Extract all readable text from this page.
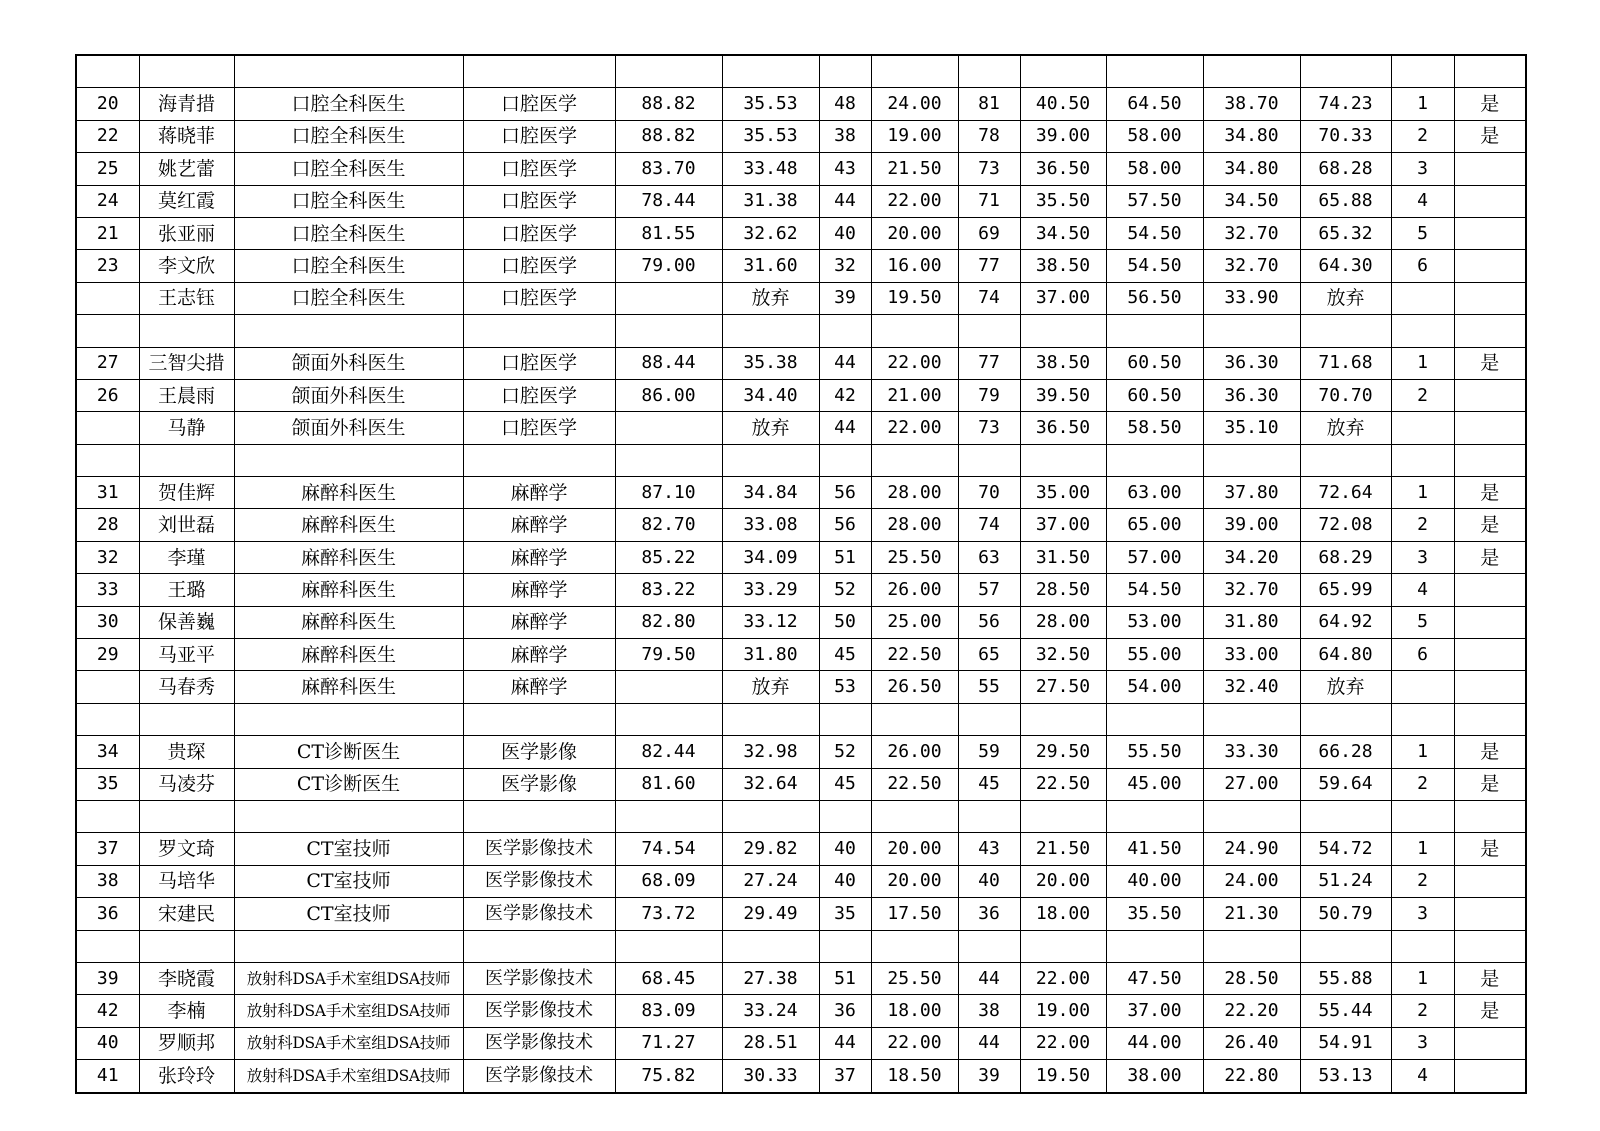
20	海青措	口腔全科医生	口腔医学	88.82	35.53	48	24.00	81	40.50	64.50	38.70	74.23	1	是
22	蒋晓菲	口腔全科医生	口腔医学	88.82	35.53	38	19.00	78	39.00	58.00	34.80	70.33	2	是
25	姚艺蕾	口腔全科医生	口腔医学	83.70	33.48	43	21.50	73	36.50	58.00	34.80	68.28	3	
24	莫红霞	口腔全科医生	口腔医学	78.44	31.38	44	22.00	71	35.50	57.50	34.50	65.88	4	
21	张亚丽	口腔全科医生	口腔医学	81.55	32.62	40	20.00	69	34.50	54.50	32.70	65.32	5	
23	李文欣	口腔全科医生	口腔医学	79.00	31.60	32	16.00	77	38.50	54.50	32.70	64.30	6	
	王志钰	口腔全科医生	口腔医学		放弃	39	19.50	74	37.00	56.50	33.90	放弃		

27	三智尖措	颌面外科医生	口腔医学	88.44	35.38	44	22.00	77	38.50	60.50	36.30	71.68	1	是
26	王晨雨	颌面外科医生	口腔医学	86.00	34.40	42	21.00	79	39.50	60.50	36.30	70.70	2	
	马静	颌面外科医生	口腔医学		放弃	44	22.00	73	36.50	58.50	35.10	放弃		

31	贺佳辉	麻醉科医生	麻醉学	87.10	34.84	56	28.00	70	35.00	63.00	37.80	72.64	1	是
28	刘世磊	麻醉科医生	麻醉学	82.70	33.08	56	28.00	74	37.00	65.00	39.00	72.08	2	是
32	李瑾	麻醉科医生	麻醉学	85.22	34.09	51	25.50	63	31.50	57.00	34.20	68.29	3	是
33	王璐	麻醉科医生	麻醉学	83.22	33.29	52	26.00	57	28.50	54.50	32.70	65.99	4	
30	保善巍	麻醉科医生	麻醉学	82.80	33.12	50	25.00	56	28.00	53.00	31.80	64.92	5	
29	马亚平	麻醉科医生	麻醉学	79.50	31.80	45	22.50	65	32.50	55.00	33.00	64.80	6	
	马春秀	麻醉科医生	麻醉学		放弃	53	26.50	55	27.50	54.00	32.40	放弃		

34	贵琛	CT诊断医生	医学影像	82.44	32.98	52	26.00	59	29.50	55.50	33.30	66.28	1	是
35	马凌芬	CT诊断医生	医学影像	81.60	32.64	45	22.50	45	22.50	45.00	27.00	59.64	2	是

37	罗文琦	CT室技师	医学影像技术	74.54	29.82	40	20.00	43	21.50	41.50	24.90	54.72	1	是
38	马培华	CT室技师	医学影像技术	68.09	27.24	40	20.00	40	20.00	40.00	24.00	51.24	2	
36	宋建民	CT室技师	医学影像技术	73.72	29.49	35	17.50	36	18.00	35.50	21.30	50.79	3	

39	李晓霞	放射科DSA手术室组DSA技师	医学影像技术	68.45	27.38	51	25.50	44	22.00	47.50	28.50	55.88	1	是
42	李楠	放射科DSA手术室组DSA技师	医学影像技术	83.09	33.24	36	18.00	38	19.00	37.00	22.20	55.44	2	是
40	罗顺邦	放射科DSA手术室组DSA技师	医学影像技术	71.27	28.51	44	22.00	44	22.00	44.00	26.40	54.91	3	
41	张玲玲	放射科DSA手术室组DSA技师	医学影像技术	75.82	30.33	37	18.50	39	19.50	38.00	22.80	53.13	4	
